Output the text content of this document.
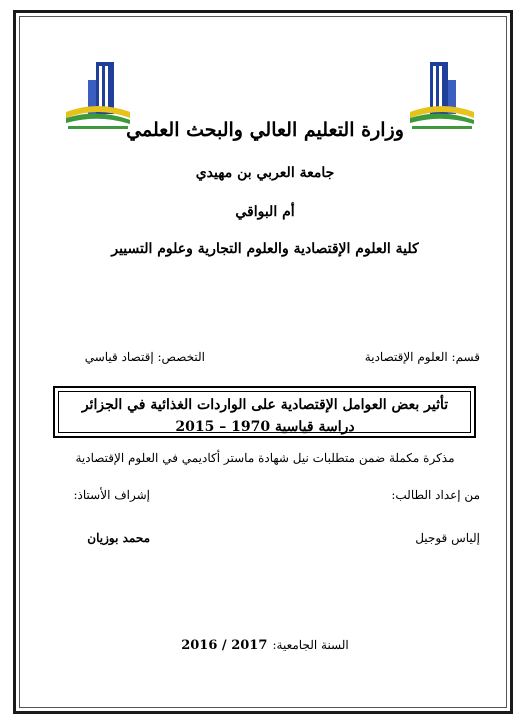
وزارة التعليم العالي والبحث العلمي
جامعة العربي بن مهيدي
أم البواقي
كلية العلوم الإقتصادية والعلوم التجارية وعلوم التسيير
قسم: العلوم الإقتصادية
التخصص: إقتصاد قياسي
تأثير بعض العوامل الإقتصادية على الواردات الغذائية في الجزائر
دراسة قياسية 1970 – 2015
مذكرة مكملة ضمن متطلبات نيل شهادة ماستر أكاديمي في العلوم الإقتصادية
من إعداد الطالب:
إشراف الأستاذ:
إلياس قوجيل
محمد بوزيان
السنة الجامعية: 2016 / 2017
